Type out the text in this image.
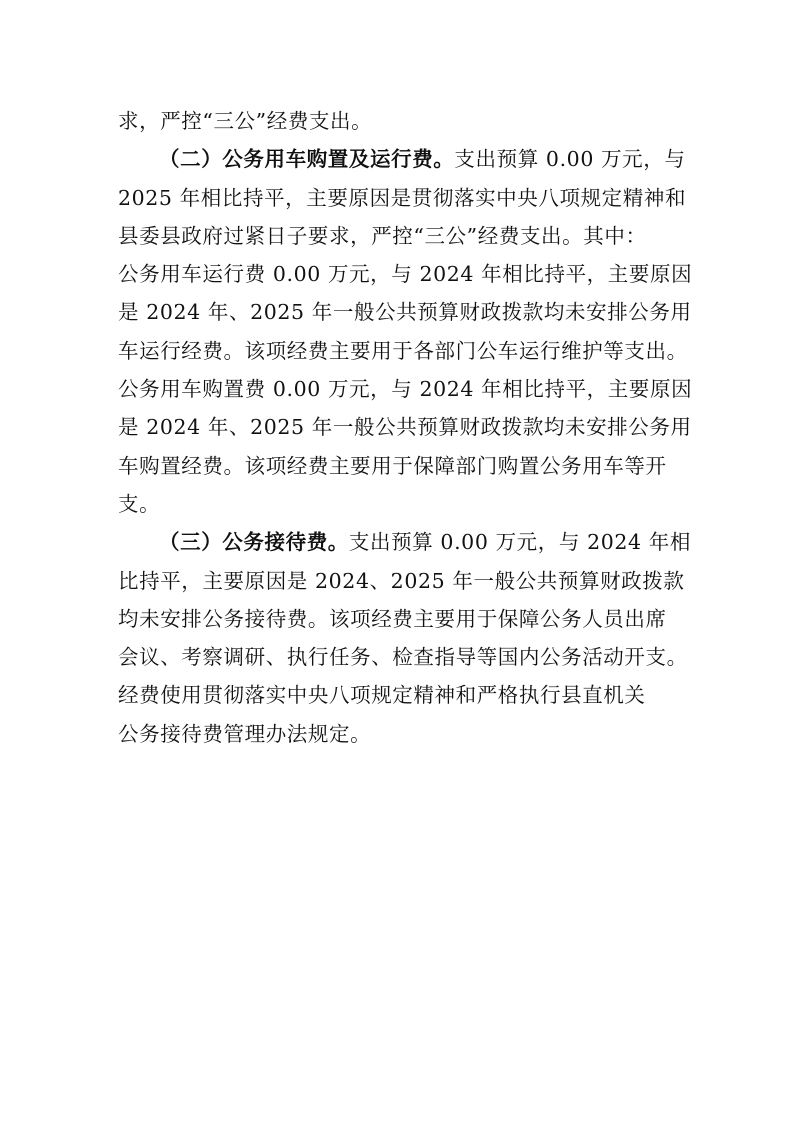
求，严控“三公”经费支出。
（二）公务用车购置及运行费。支出预算 0.00 万元，与
2025 年相比持平，主要原因是贯彻落实中央八项规定精神和
县委县政府过紧日子要求，严控“三公”经费支出。其中：
公务用车运行费 0.00 万元，与 2024 年相比持平，主要原因
是 2024 年、2025 年一般公共预算财政拨款均未安排公务用
车运行经费。该项经费主要用于各部门公车运行维护等支出。
公务用车购置费 0.00 万元，与 2024 年相比持平，主要原因
是 2024 年、2025 年一般公共预算财政拨款均未安排公务用
车购置经费。该项经费主要用于保障部门购置公务用车等开
支。
（三）公务接待费。支出预算 0.00 万元，与 2024 年相
比持平，主要原因是 2024、2025 年一般公共预算财政拨款
均未安排公务接待费。该项经费主要用于保障公务人员出席
会议、考察调研、执行任务、检查指导等国内公务活动开支。
经费使用贯彻落实中央八项规定精神和严格执行县直机关
公务接待费管理办法规定。
